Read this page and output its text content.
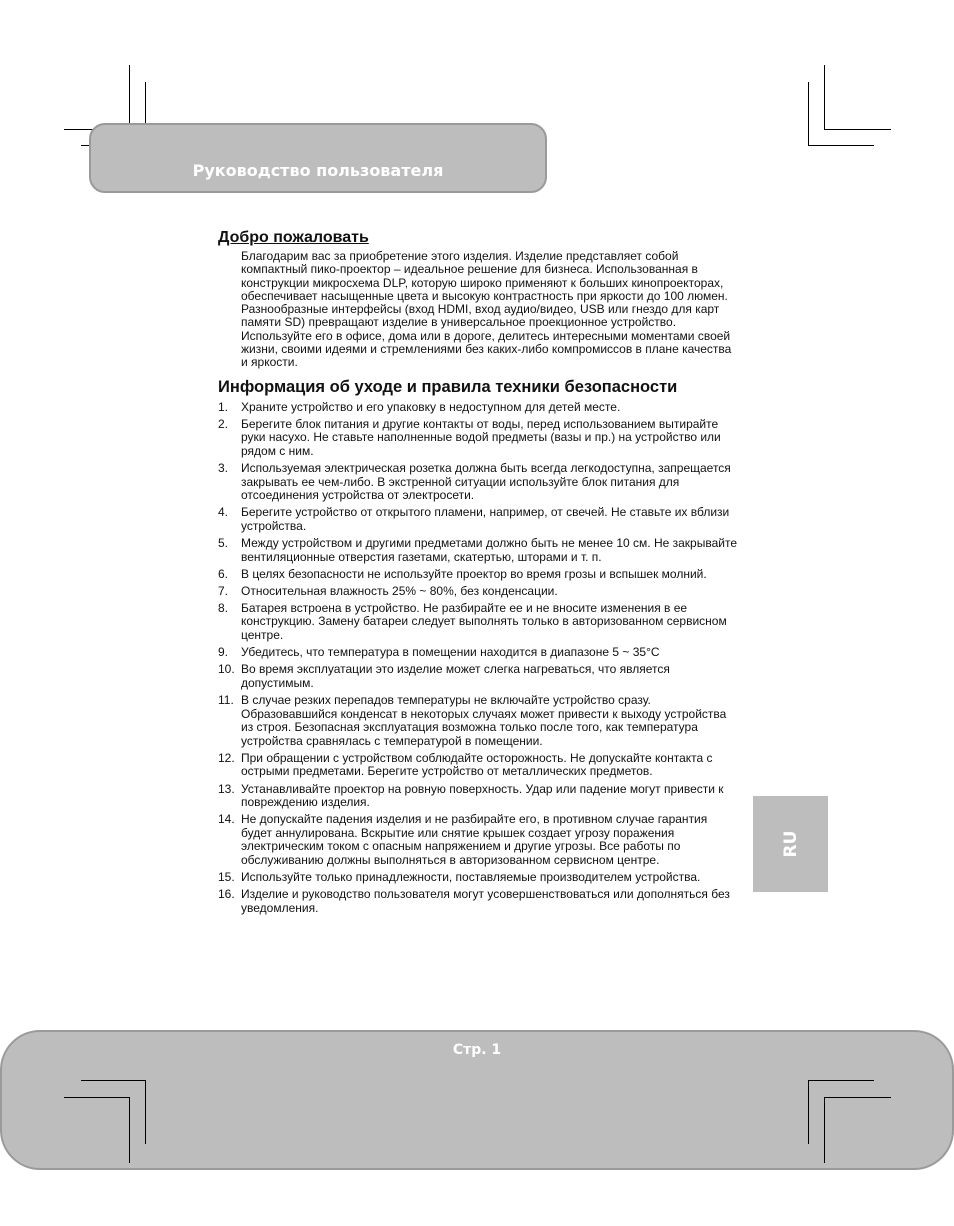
Руководство пользователя
Добро пожаловать

Благодарим вас за приобретение этого изделия. Изделие представляет собой компактный пико-проектор – идеальное решение для бизнеса. Использованная в конструкции микросхема DLP, которую широко применяют к больших кинопроекторах, обеспечивает насыщенные цвета и высокую контрастность при яркости до 100 люмен. Разнообразные интерфейсы (вход HDMI, вход аудио/видео, USB или гнездо для карт памяти SD) превращают изделие в универсальное проекционное устройство. Используйте его в офисе, дома или в дороге, делитесь интересными моментами своей жизни, своими идеями и стремлениями без каких-либо компромиссов в плане качества и яркости.

Информация об уходе и правила техники безопасности
1. Храните устройство и его упаковку в недоступном для детей месте.
2. Берегите блок питания и другие контакты от воды, перед использованием вытирайте руки насухо. Не ставьте наполненные водой предметы (вазы и пр.) на устройство или рядом с ним.
3. Используемая электрическая розетка должна быть всегда легкодоступна, запрещается закрывать ее чем-либо. В экстренной ситуации используйте блок питания для отсоединения устройства от электросети.
4. Берегите устройство от открытого пламени, например, от свечей. Не ставьте их вблизи устройства.
5. Между устройством и другими предметами должно быть не менее 10 см. Не закрывайте вентиляционные отверстия газетами, скатертью, шторами и т. п.
6. В целях безопасности не используйте проектор во время грозы и вспышек молний.
7. Относительная влажность 25% ~ 80%, без конденсации.
8. Батарея встроена в устройство. Не разбирайте ее и не вносите изменения в ее конструкцию. Замену батареи следует выполнять только в авторизованном сервисном центре.
9. Убедитесь, что температура в помещении находится в диапазоне 5 ~ 35°C
10. Во время эксплуатации это изделие может слегка нагреваться, что является допустимым.
11. В случае резких перепадов температуры не включайте устройство сразу. Образовавшийся конденсат в некоторых случаях может привести к выходу устройства из строя. Безопасная эксплуатация возможна только после того, как температура устройства сравнялась с температурой в помещении.
12. При обращении с устройством соблюдайте осторожность. Не допускайте контакта с острыми предметами. Берегите устройство от металлических предметов.
13. Устанавливайте проектор на ровную поверхность. Удар или падение могут привести к повреждению изделия.
14. Не допускайте падения изделия и не разбирайте его, в противном случае гарантия будет аннулирована. Вскрытие или снятие крышек создает угрозу поражения электрическим током с опасным напряжением и другие угрозы. Все работы по обслуживанию должны выполняться в авторизованном сервисном центре.
15. Используйте только принадлежности, поставляемые производителем устройства.
16. Изделие и руководство пользователя могут усовершенствоваться или дополняться без уведомления.
RU
Стр. 1
